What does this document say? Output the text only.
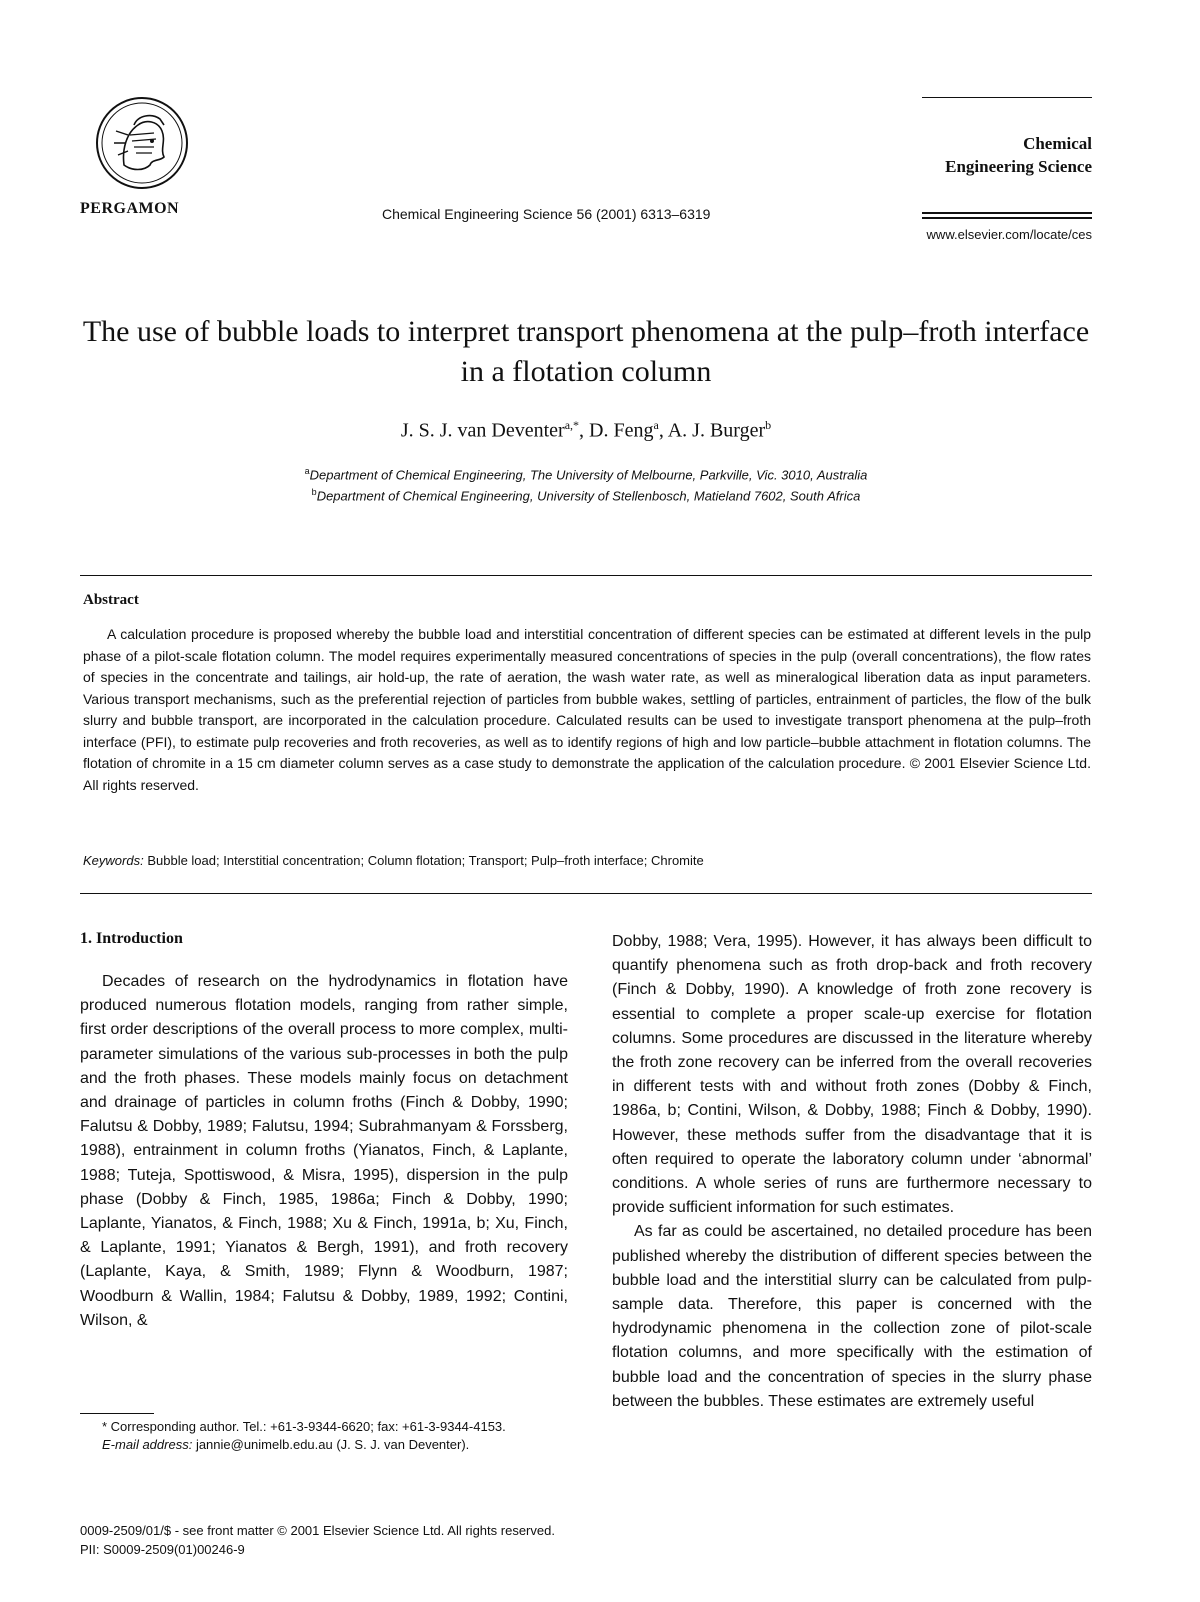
PERGAMON	Chemical Engineering Science 56 (2001) 6313–6319
Chemical
Engineering Science
www.elsevier.com/locate/ces
The use of bubble loads to interpret transport phenomena at the pulp–froth interface in a flotation column
J. S. J. van Deventer$^{a,*}$, D. Feng$^a$, A. J. Burger$^b$
$^a$Department of Chemical Engineering, The University of Melbourne, Parkville, Vic. 3010, Australia
$^b$Department of Chemical Engineering, University of Stellenbosch, Matieland 7602, South Africa
Abstract

A calculation procedure is proposed whereby the bubble load and interstitial concentration of different species can be estimated at different levels in the pulp phase of a pilot-scale flotation column. The model requires experimentally measured concentrations of species in the pulp (overall concentrations), the flow rates of species in the concentrate and tailings, air hold-up, the rate of aeration, the wash water rate, as well as mineralogical liberation data as input parameters. Various transport mechanisms, such as the preferential rejection of particles from bubble wakes, settling of particles, entrainment of particles, the flow of the bulk slurry and bubble transport, are incorporated in the calculation procedure. Calculated results can be used to investigate transport phenomena at the pulp–froth interface (PFI), to estimate pulp recoveries and froth recoveries, as well as to identify regions of high and low particle–bubble attachment in flotation columns. The flotation of chromite in a 15 cm diameter column serves as a case study to demonstrate the application of the calculation procedure. © 2001 Elsevier Science Ltd. All rights reserved.

Keywords: Bubble load; Interstitial concentration; Column flotation; Transport; Pulp–froth interface; Chromite
1. Introduction

Decades of research on the hydrodynamics in flotation have produced numerous flotation models, ranging from rather simple, first order descriptions of the overall process to more complex, multi-parameter simulations of the various sub-processes in both the pulp and the froth phases. These models mainly focus on detachment and drainage of particles in column froths (Finch & Dobby, 1990; Falutsu & Dobby, 1989; Falutsu, 1994; Subrahmanyam & Forssberg, 1988), entrainment in column froths (Yianatos, Finch, & Laplante, 1988; Tuteja, Spottiswood, & Misra, 1995), dispersion in the pulp phase (Dobby & Finch, 1985, 1986a; Finch & Dobby, 1990; Laplante, Yianatos, & Finch, 1988; Xu & Finch, 1991a, b; Xu, Finch, & Laplante, 1991; Yianatos & Bergh, 1991), and froth recovery (Laplante, Kaya, & Smith, 1989; Flynn & Woodburn, 1987; Woodburn & Wallin, 1984; Falutsu & Dobby, 1989, 1992; Contini, Wilson, &

Dobby, 1988; Vera, 1995). However, it has always been difficult to quantify phenomena such as froth drop-back and froth recovery (Finch & Dobby, 1990). A knowledge of froth zone recovery is essential to complete a proper scale-up exercise for flotation columns. Some procedures are discussed in the literature whereby the froth zone recovery can be inferred from the overall recoveries in different tests with and without froth zones (Dobby & Finch, 1986a, b; Contini, Wilson, & Dobby, 1988; Finch & Dobby, 1990). However, these methods suffer from the disadvantage that it is often required to operate the laboratory column under ‘abnormal’ conditions. A whole series of runs are furthermore necessary to provide sufficient information for such estimates.

As far as could be ascertained, no detailed procedure has been published whereby the distribution of different species between the bubble load and the interstitial slurry can be calculated from pulp-sample data. Therefore, this paper is concerned with the hydrodynamic phenomena in the collection zone of pilot-scale flotation columns, and more specifically with the estimation of bubble load and the concentration of species in the slurry phase between the bubbles. These estimates are extremely useful

* Corresponding author. Tel.: +61-3-9344-6620; fax: +61-3-9344-4153.

E-mail address: jannie@unimelb.edu.au (J. S. J. van Deventer).

0009-2509/01/$ - see front matter © 2001 Elsevier Science Ltd. All rights reserved.
PII: S0009-2509(01)00246-9
